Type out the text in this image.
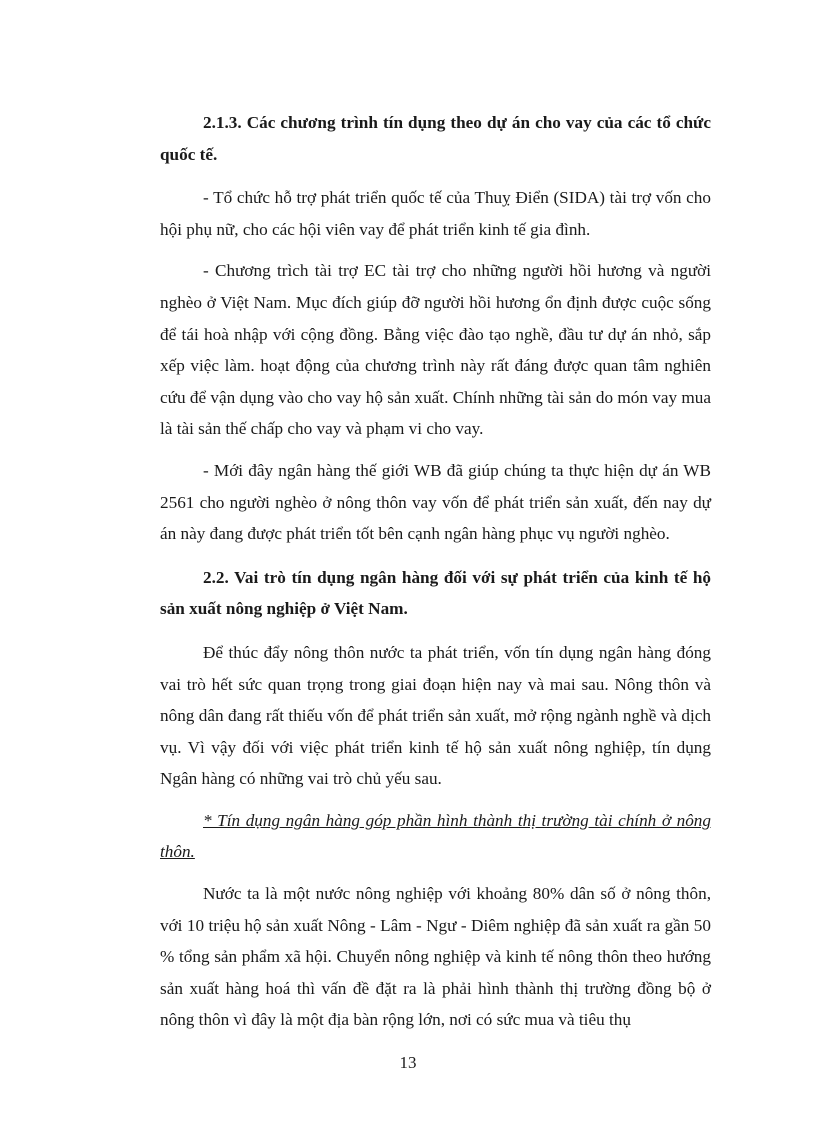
2.1.3. Các chương trình tín dụng theo dự án cho vay của các tổ chức quốc tế.

- Tổ chức hỗ trợ phát triển quốc tế của Thuỵ Điển (SIDA) tài trợ vốn cho hội phụ nữ, cho các hội viên vay để phát triển kinh tế gia đình.

- Chương trìch tài trợ EC tài trợ cho những người hồi hương và người nghèo ở Việt Nam. Mục đích giúp đỡ người hồi hương ổn định được cuộc sống để tái hoà nhập với cộng đồng. Bằng việc đào tạo nghề, đầu tư dự án nhỏ, sắp xếp việc làm. hoạt động của chương trình này rất đáng được quan tâm nghiên cứu để vận dụng vào cho vay hộ sản xuất. Chính những tài sản do món vay mua là tài sản thế chấp cho vay và phạm vi cho vay.

- Mới đây ngân hàng thế giới WB đã giúp chúng ta thực hiện dự án WB 2561 cho người nghèo ở nông thôn vay vốn để phát triển sản xuất, đến nay dự án này đang được phát triển tốt bên cạnh ngân hàng phục vụ người nghèo.

2.2. Vai trò tín dụng ngân hàng đối với sự phát triển của kinh tế hộ sản xuất nông nghiệp ở Việt Nam.

Để thúc đẩy nông thôn nước ta phát triển, vốn tín dụng ngân hàng đóng vai trò hết sức quan trọng trong giai đoạn hiện nay và mai sau. Nông thôn và nông dân đang rất thiếu vốn để phát triển sản xuất, mở rộng ngành nghề và dịch vụ. Vì vậy đối với việc phát triển kinh tế hộ sản xuất nông nghiệp, tín dụng Ngân hàng có những vai trò chủ yếu sau.

* Tín dụng ngân hàng góp phần hình thành thị trường tài chính ở nông thôn.

Nước ta là một nước nông nghiệp với khoảng 80% dân số ở nông thôn, với 10 triệu hộ sản xuất Nông - Lâm - Ngư - Diêm nghiệp đã sản xuất ra gần 50 % tổng sản phẩm xã hội. Chuyển nông nghiệp và kinh tế nông thôn theo hướng sản xuất hàng hoá thì vấn đề đặt ra là phải hình thành thị trường đồng bộ ở nông thôn vì đây là một địa bàn rộng lớn, nơi có sức mua và tiêu thụ

13
